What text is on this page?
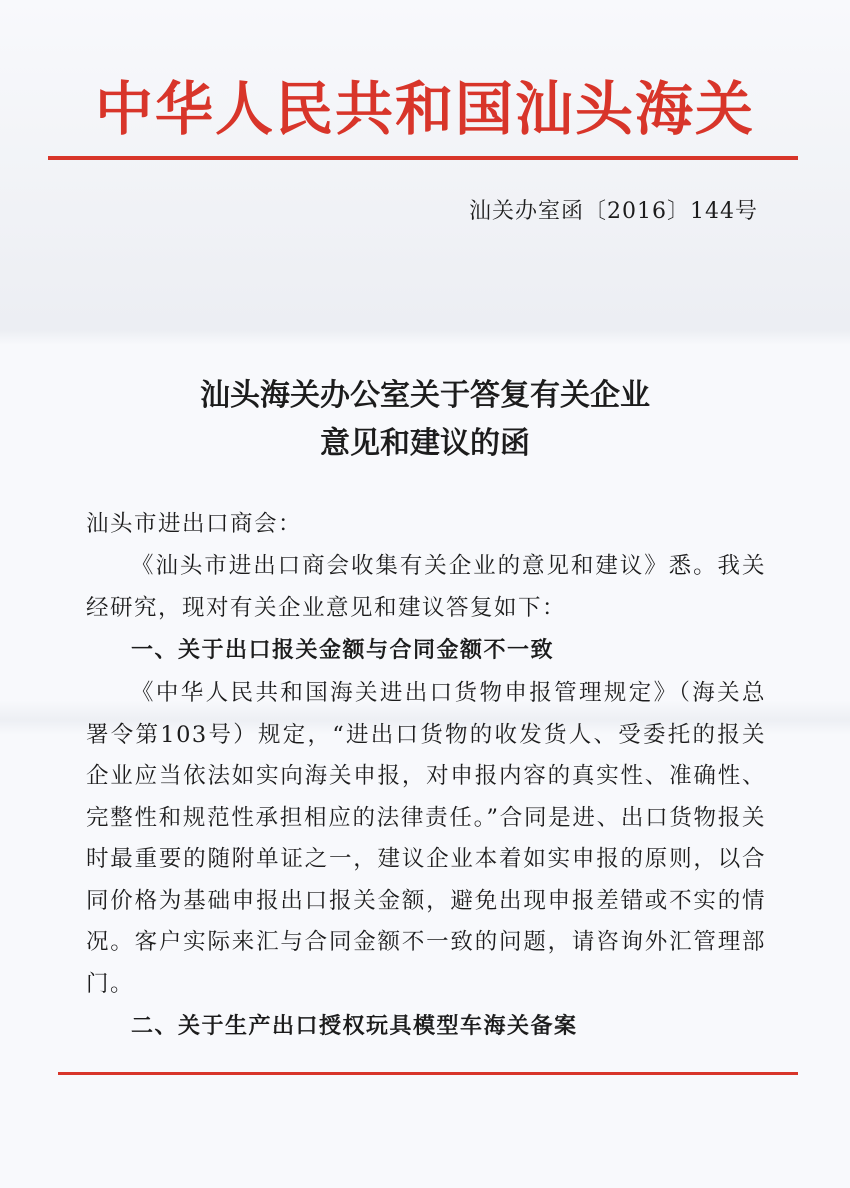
中华人民共和国汕头海关

汕关办室函〔2016〕144号

汕头海关办公室关于答复有关企业
意见和建议的函

汕头市进出口商会：

《汕头市进出口商会收集有关企业的意见和建议》悉。我关经研究，现对有关企业意见和建议答复如下：

一、关于出口报关金额与合同金额不一致

《中华人民共和国海关进出口货物申报管理规定》（海关总署令第103号）规定，“进出口货物的收发货人、受委托的报关企业应当依法如实向海关申报，对申报内容的真实性、准确性、完整性和规范性承担相应的法律责任。”合同是进、出口货物报关时最重要的随附单证之一，建议企业本着如实申报的原则，以合同价格为基础申报出口报关金额，避免出现申报差错或不实的情况。客户实际来汇与合同金额不一致的问题，请咨询外汇管理部门。

二、关于生产出口授权玩具模型车海关备案
